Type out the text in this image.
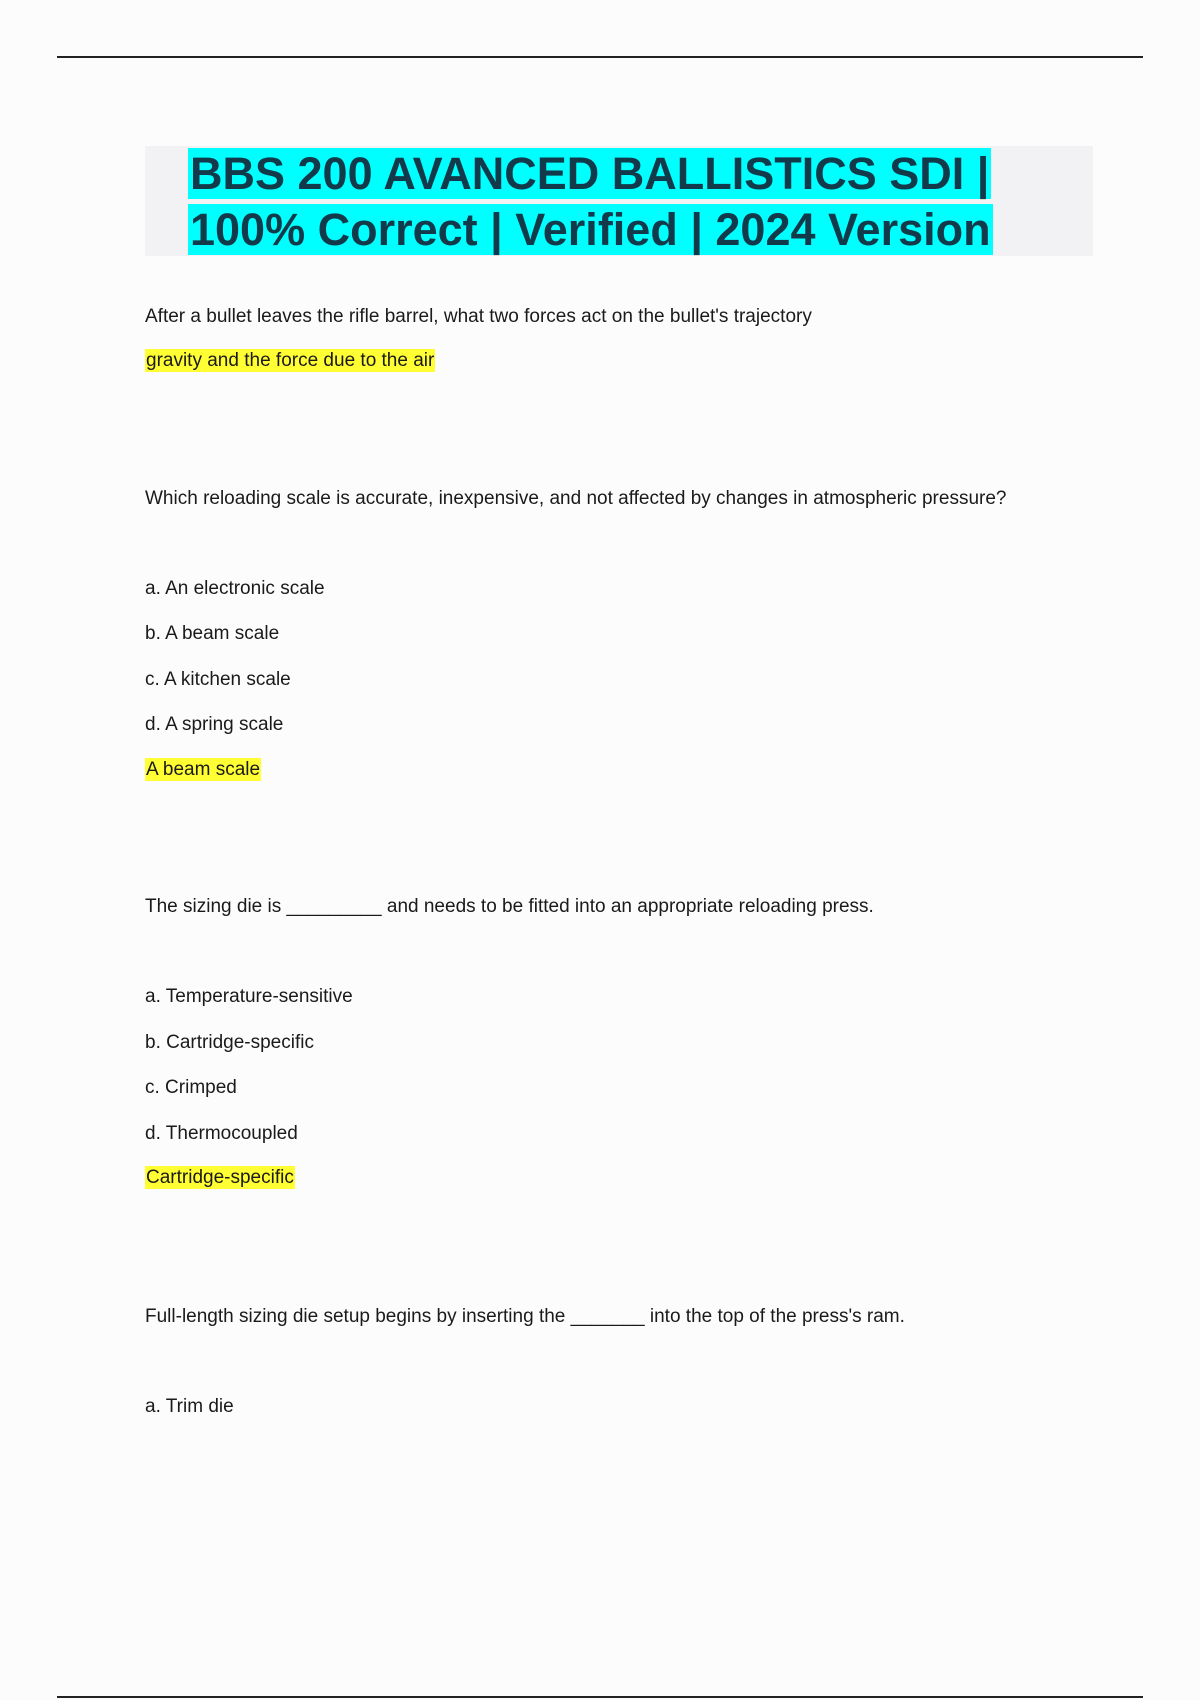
BBS 200 AVANCED BALLISTICS SDI |
100% Correct | Verified | 2024 Version

After a bullet leaves the rifle barrel, what two forces act on the bullet's trajectory

gravity and the force due to the air

Which reloading scale is accurate, inexpensive, and not affected by changes in atmospheric pressure?

a. An electronic scale

b. A beam scale

c. A kitchen scale

d. A spring scale

A beam scale

The sizing die is _________ and needs to be fitted into an appropriate reloading press.

a. Temperature-sensitive

b. Cartridge-specific

c. Crimped

d. Thermocoupled

Cartridge-specific

Full-length sizing die setup begins by inserting the _______ into the top of the press's ram.

a. Trim die
